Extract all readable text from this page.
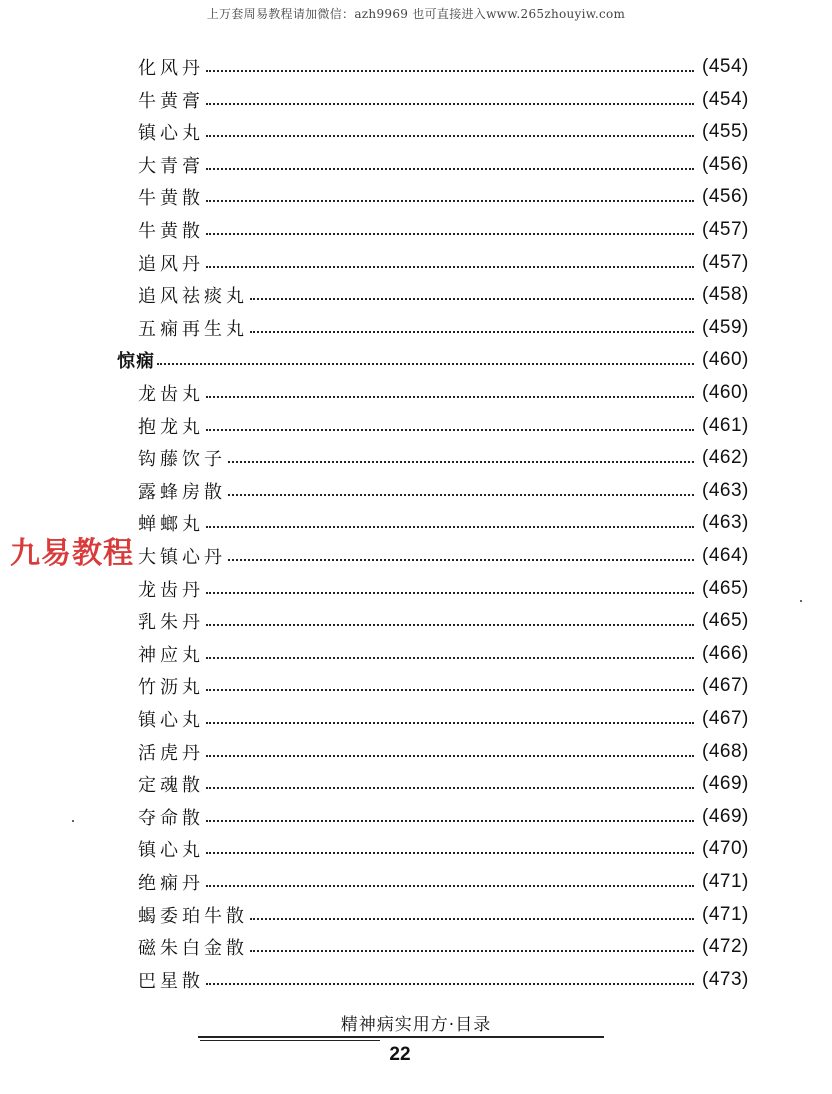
上万套周易教程请加微信：azh9969 也可直接进入www.265zhouyiw.com
化风丹	(454)
牛黄膏	(454)
镇心丸	(455)
大青膏	(456)
牛黄散	(456)
牛黄散	(457)
追风丹	(457)
追风祛痰丸	(458)
五痫再生丸	(459)
惊痫	(460)
龙齿丸	(460)
抱龙丸	(461)
钩藤饮子	(462)
露蜂房散	(463)
蝉螂丸	(463)
大镇心丹	(464)
龙齿丹	(465)
乳朱丹	(465)
神应丸	(466)
竹沥丸	(467)
镇心丸	(467)
活虎丹	(468)
定魂散	(469)
夺命散	(469)
镇心丸	(470)
绝痫丹	(471)
蝎委珀牛散	(471)
磁朱白金散	(472)
巴星散	(473)
九易教程
精神病实用方·目录
22
